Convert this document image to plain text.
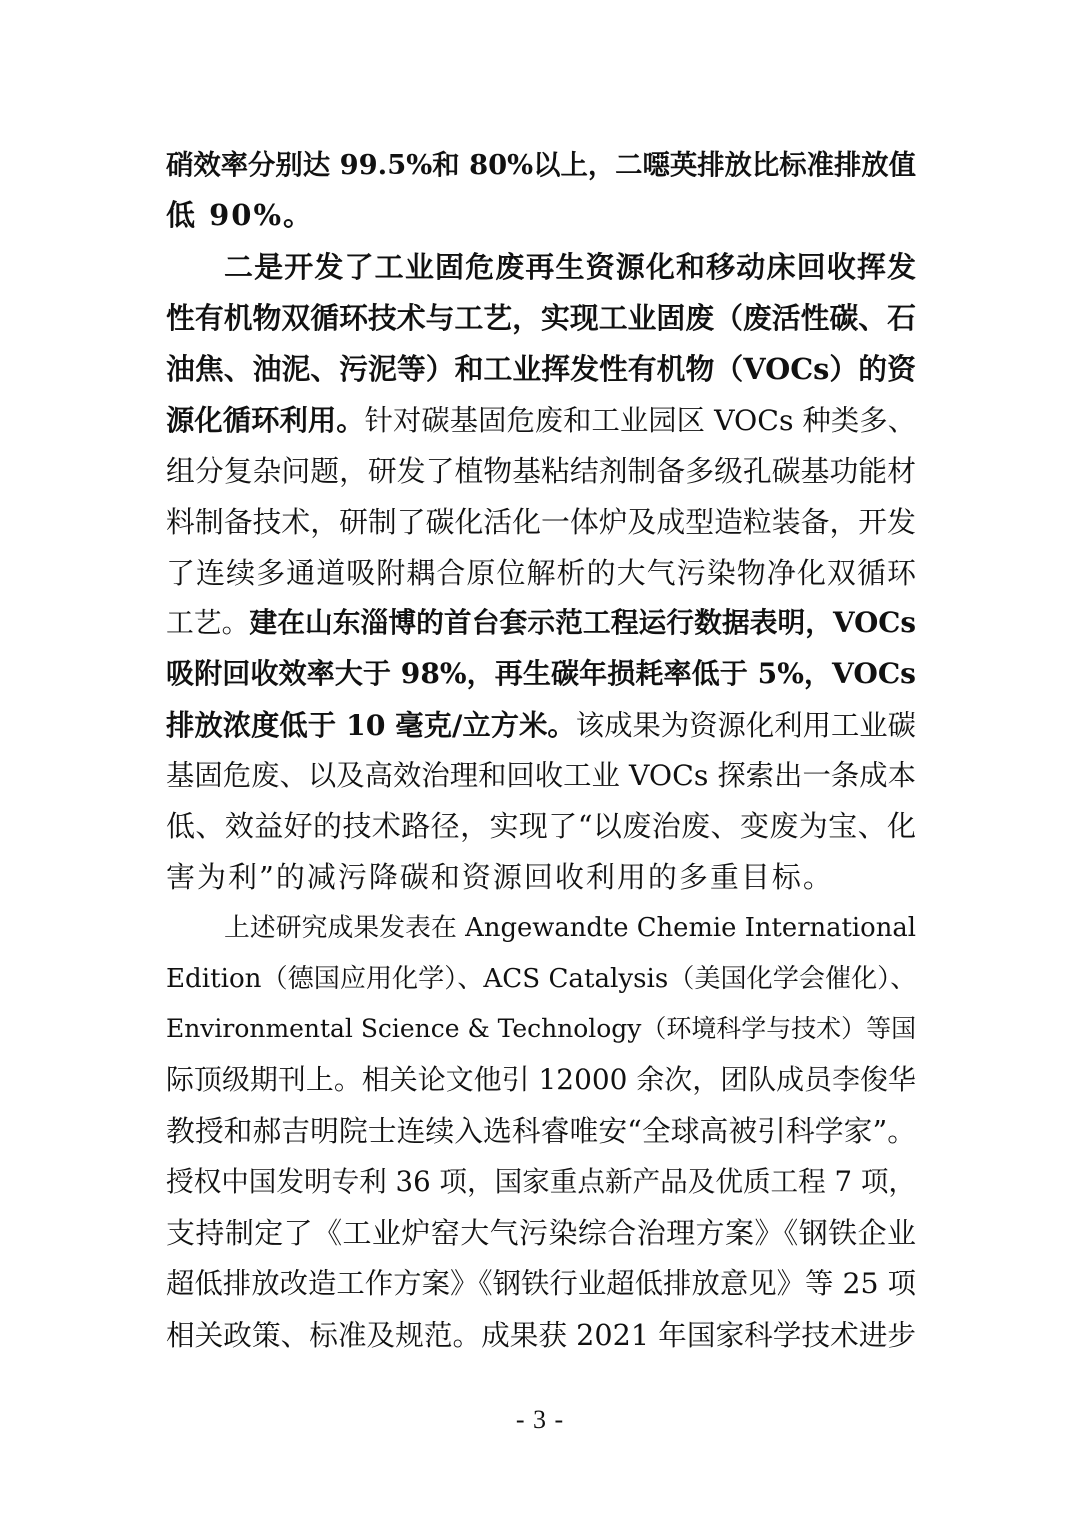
硝效率分别达 99.5%和 80%以上，二噁英排放比标准排放值
低 90%。
二是开发了工业固危废再生资源化和移动床回收挥发
性有机物双循环技术与工艺，实现工业固废（废活性碳、石
油焦、油泥、污泥等）和工业挥发性有机物（VOCs）的资
源化循环利用。针对碳基固危废和工业园区 VOCs 种类多、
组分复杂问题，研发了植物基粘结剂制备多级孔碳基功能材
料制备技术，研制了碳化活化一体炉及成型造粒装备，开发
了连续多通道吸附耦合原位解析的大气污染物净化双循环
工艺。建在山东淄博的首台套示范工程运行数据表明，VOCs
吸附回收效率大于 98%，再生碳年损耗率低于 5%，VOCs
排放浓度低于 10 毫克/立方米。该成果为资源化利用工业碳
基固危废、以及高效治理和回收工业 VOCs 探索出一条成本
低、效益好的技术路径，实现了“以废治废、变废为宝、化
害为利”的减污降碳和资源回收利用的多重目标。
上述研究成果发表在 Angewandte Chemie International
Edition（德国应用化学）、ACS Catalysis（美国化学会催化）、
Environmental Science & Technology（环境科学与技术）等国
际顶级期刊上。相关论文他引 12000 余次，团队成员李俊华
教授和郝吉明院士连续入选科睿唯安“全球高被引科学家”。
授权中国发明专利 36 项，国家重点新产品及优质工程 7 项，
支持制定了《工业炉窑大气污染综合治理方案》《钢铁企业
超低排放改造工作方案》《钢铁行业超低排放意见》等 25 项
相关政策、标准及规范。成果获 2021 年国家科学技术进步
- 3 -
